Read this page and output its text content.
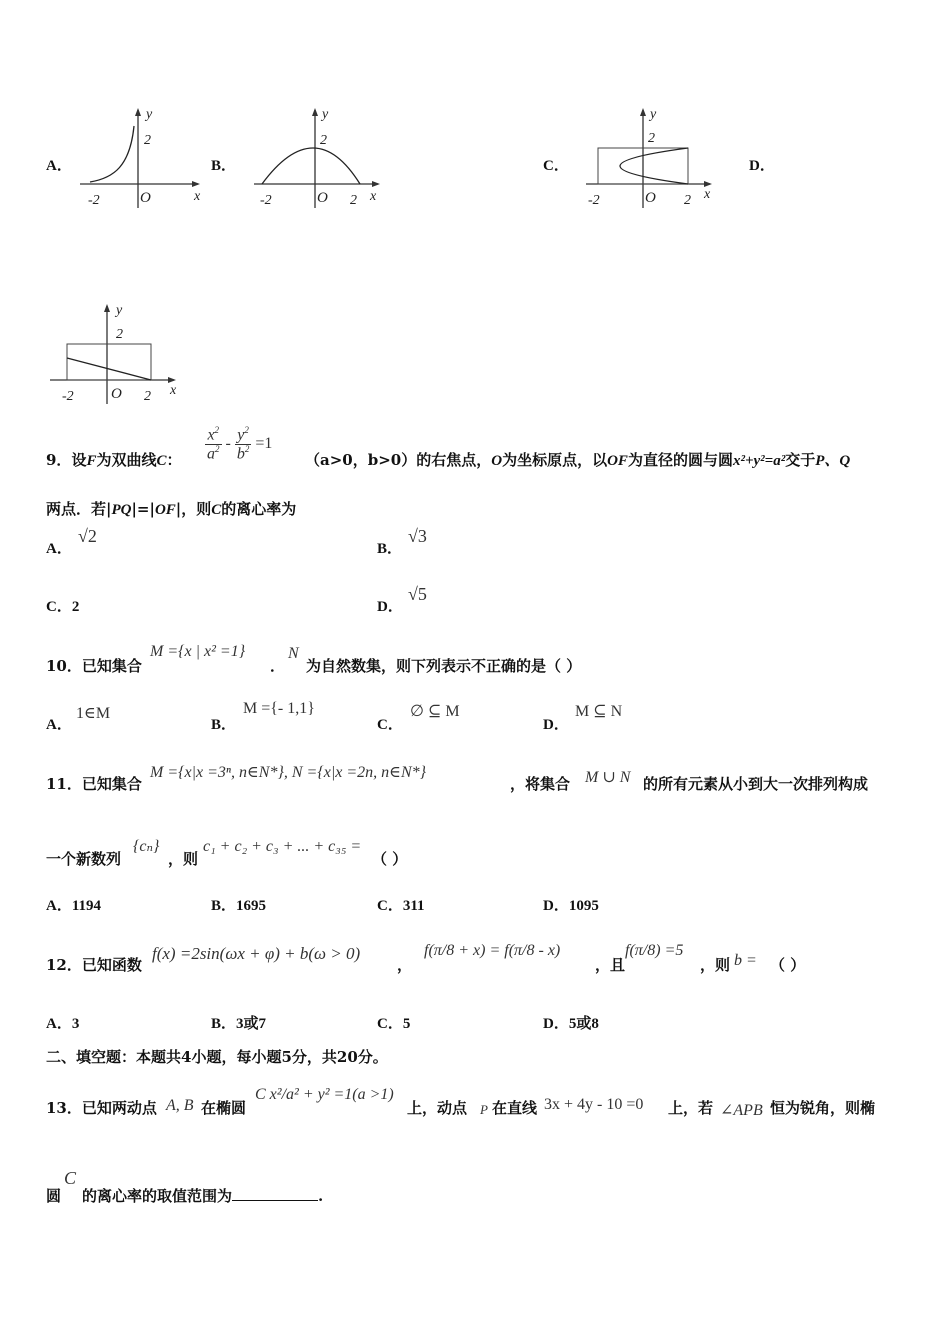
A．
y
2
-2	O	x
B．
y
2
-2	O 2 x
C．
y
2
-2	O 2 x
D．
y
2
-2 O 2 x
9．设F为双曲线C： $\frac{x^2}{a^2} - \frac{y^2}{b^2} =1$
（a>0，b>0）的右焦点，O为坐标原点，以OF为直径的圆与圆x²+y²=a²交于P、Q
两点．若|PQ|=|OF|，则C的离心率为
A．
√2
B．
√3
C．2	D．
√5
10．已知集合
M ={x | x² =1}
．
N
为自然数集，则下列表示不正确的是（ ）
A．
1∈M
B．
M ={- 1,1}
C．
∅ ⊆ M
D．
M ⊆ N
11．已知集合
M ={x|x =3ⁿ, n∈N*}, N ={x|x =2n, n∈N*}
，将集合 M ∪ N 的所有元素从小到大一次排列构成
一个新数列
{cₙ}
，则
c₁ + c₂ + c₃ + ... + c₃₅ =
（ ）
A．1194	B．1695	C．311	D．1095
12．已知函数
f(x) =2sin(ωx + φ) + b(ω > 0)
，
f(π/8 + x) = f(π/8 - x)
，且
f(π/8) =5
，则 b = （ ）
A．3	B．3或7	C．5	D．5或8
二、填空题：本题共4小题，每小题5分，共20分。
13．已知两动点 A, B 在椭圆
C x²/a² + y² =1(a >1)
上，动点 P 在直线 3x + 4y - 10 =0 上，若 ∠APB 恒为锐角，则椭
圆
C
的离心率的取值范围为	.
